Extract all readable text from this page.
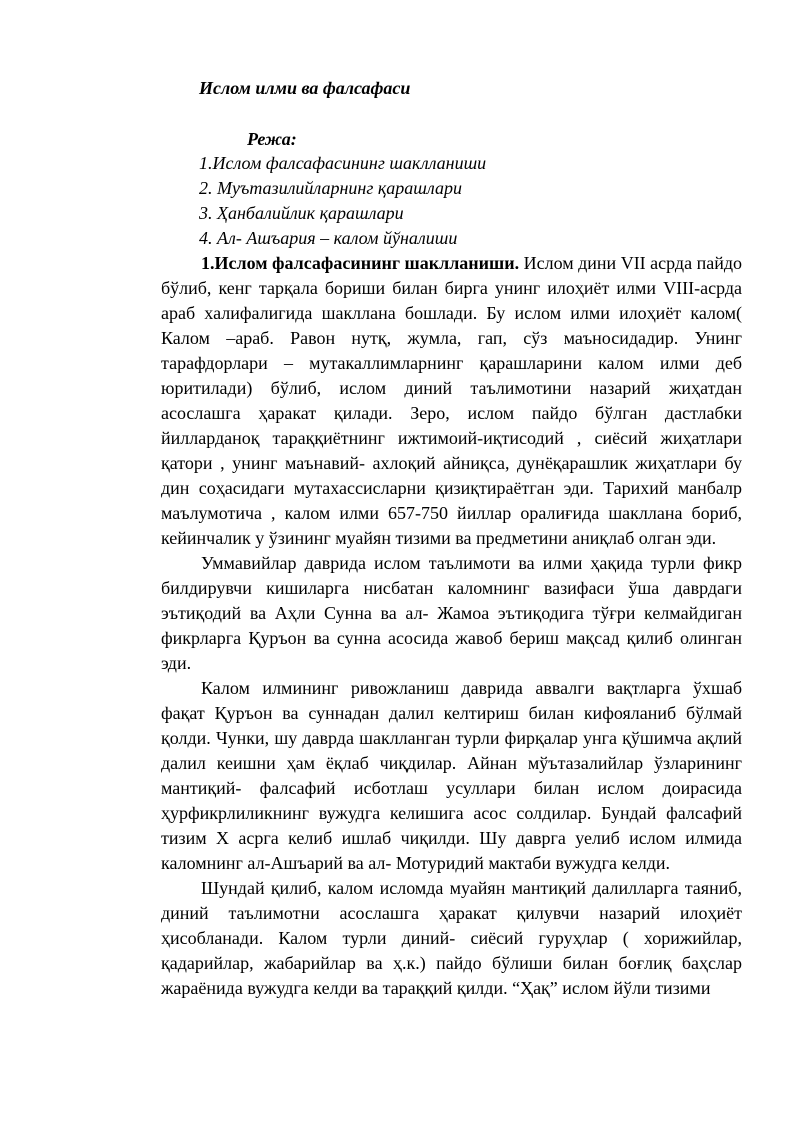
Ислом илми ва фалсафаси
Режа:
1.Ислом фалсафасининг шаклланиши
2. Муътазилийларнинг қарашлари
3. Ҳанбалийлик қарашлари
4. Ал- Ашъария – калом йўналиши

1.Ислом фалсафасининг шаклланиши. Ислом дини VII асрда пайдо бўлиб, кенг тарқала бориши билан бирга унинг илоҳиёт илми VIII-асрда араб халифалигида шакллана бошлади. Бу ислом илми илоҳиёт калом( Калом –араб. Равон нутқ, жумла, гап, сўз маъносидадир. Унинг тарафдорлари – мутакаллимларнинг қарашларини калом илми деб юритилади) бўлиб, ислом диний таълимотини назарий жиҳатдан асослашга ҳаракат қилади. Зеро, ислом пайдо бўлган дастлабки йилларданоқ тараққиётнинг ижтимоий-иқтисодий , сиёсий жиҳатлари қатори , унинг маънавий- ахлоқий айниқса, дунёқарашлик жиҳатлари бу дин соҳасидаги мутахассисларни қизиқтираётган эди. Тарихий манбалр маълумотича , калом илми 657-750 йиллар оралиғида шакллана бориб, кейинчалик у ўзининг муайян тизими ва предметини аниқлаб олган эди.

Уммавийлар даврида ислом таълимоти ва илми ҳақида турли фикр билдирувчи кишиларга нисбатан каломнинг вазифаси ўша даврдаги эътиқодий ва Аҳли Сунна ва ал- Жамоа эътиқодига тўғри келмайдиган фикрларга Қуръон ва сунна асосида жавоб бериш мақсад қилиб олинган эди.

Калом илмининг ривожланиш даврида аввалги вақтларга ўхшаб фақат Қуръон ва суннадан далил келтириш билан кифояланиб бўлмай қолди. Чунки, шу даврда шаклланган турли фирқалар унга қўшимча ақлий далил кеишни ҳам ёқлаб чиқдилар. Айнан мўътазалийлар ўзларининг мантиқий- фалсафий исботлаш усуллари билан ислом доирасида ҳурфикрлиликнинг вужудга келишига асос солдилар. Бундай фалсафий тизим X асрга келиб ишлаб чиқилди. Шу даврга уелиб ислом илмида каломнинг ал-Ашъарий ва ал- Мотуридий мактаби вужудга келди.

Шундай қилиб, калом исломда муайян мантиқий далилларга таяниб, диний таълимотни асослашга ҳаракат қилувчи назарий илоҳиёт ҳисобланади. Калом турли диний- сиёсий гуруҳлар ( хорижийлар, қадарийлар, жабарийлар ва ҳ.к.) пайдо бўлиши билан боғлиқ баҳслар жараёнида вужудга келди ва тараққий қилди. “Ҳақ” ислом йўли тизими
